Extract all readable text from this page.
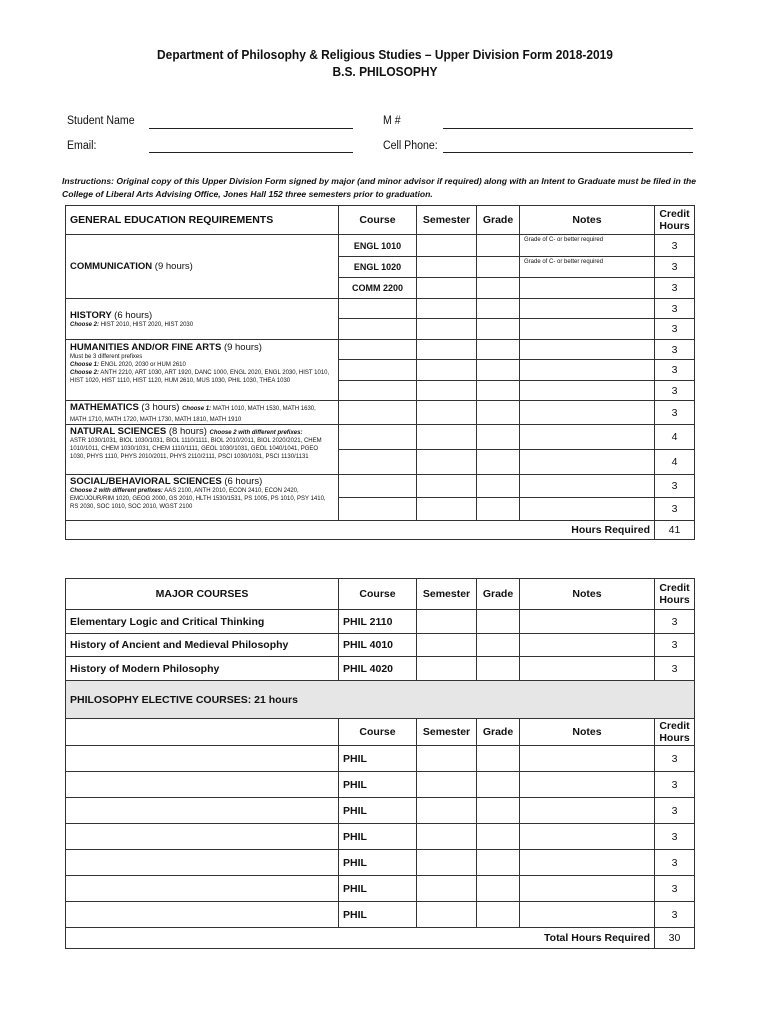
Department of Philosophy & Religious Studies – Upper Division Form 2018-2019
B.S. PHILOSOPHY
Student Name	M #
Email:	Cell Phone:
Instructions: Original copy of this Upper Division Form signed by major (and minor advisor if required) along with an Intent to Graduate must be filed in the College of Liberal Arts Advising Office, Jones Hall 152 three semesters prior to graduation.
GENERAL EDUCATION REQUIREMENTS	Course	Semester	Grade	Notes	Credit Hours
COMMUNICATION (9 hours)	ENGL 1010			Grade of C- or better required	3
	ENGL 1020			Grade of C- or better required	3
	COMM 2200				3

HISTORY (6 hours)
Choose 2: HIST 2010, HIST 2020, HIST 2030					3
					3

HUMANITIES AND/OR FINE ARTS (9 hours)
Must be 3 different prefixes
Choose 1: ENGL 2020, 2030 or HUM 2610
Choose 2: ANTH 2210, ART 1030, ART 1920, DANC 1000, ENGL 2020, ENGL 2030, HIST 1010, HIST 1020, HIST 1110, HIST 1120, HUM 2610, MUS 1030, PHIL 1030, THEA 1030					3
					3
					3

MATHEMATICS (3 hours) Choose 1: MATH 1010, MATH 1530, MATH 1630, MATH 1710, MATH 1720, MATH 1730, MATH 1810, MATH 1910					3

NATURAL SCIENCES (8 hours) Choose 2 with different prefixes:
ASTR 1030/1031, BIOL 1030/1031, BIOL 1110/1111, BIOL 2010/2011, BIOL 2020/2021, CHEM 1010/1011, CHEM 1030/1031, CHEM 1110/1111, GEOL 1030/1031, GEOL 1040/1041, PGEO 1030, PHYS 1110, PHYS 2010/2011, PHYS 2110/2111, PSCI 1030/1031, PSCI 1130/1131					4
					4

SOCIAL/BEHAVIORAL SCIENCES (6 hours)
Choose 2 with different prefixes: AAS 2100, ANTH 2010, ECON 2410, ECON 2420, EMC/JOUR/RIM 1020, GEOG 2000, GS 2010, HLTH 1530/1531, PS 1005, PS 1010, PSY 1410, RS 2030, SOC 1010, SOC 2010, WGST 2100					3
					3
Hours Required					41
MAJOR COURSES	Course	Semester	Grade	Notes	Credit Hours
Elementary Logic and Critical Thinking	PHIL 2110				3
History of Ancient and Medieval Philosophy	PHIL 4010				3
History of Modern Philosophy	PHIL 4020				3
PHILOSOPHY ELECTIVE COURSES: 21 hours					
	Course	Semester	Grade	Notes	Credit Hours
	PHIL				3
	PHIL				3
	PHIL				3
	PHIL				3
	PHIL				3
	PHIL				3
	PHIL				3
Total Hours Required					30
